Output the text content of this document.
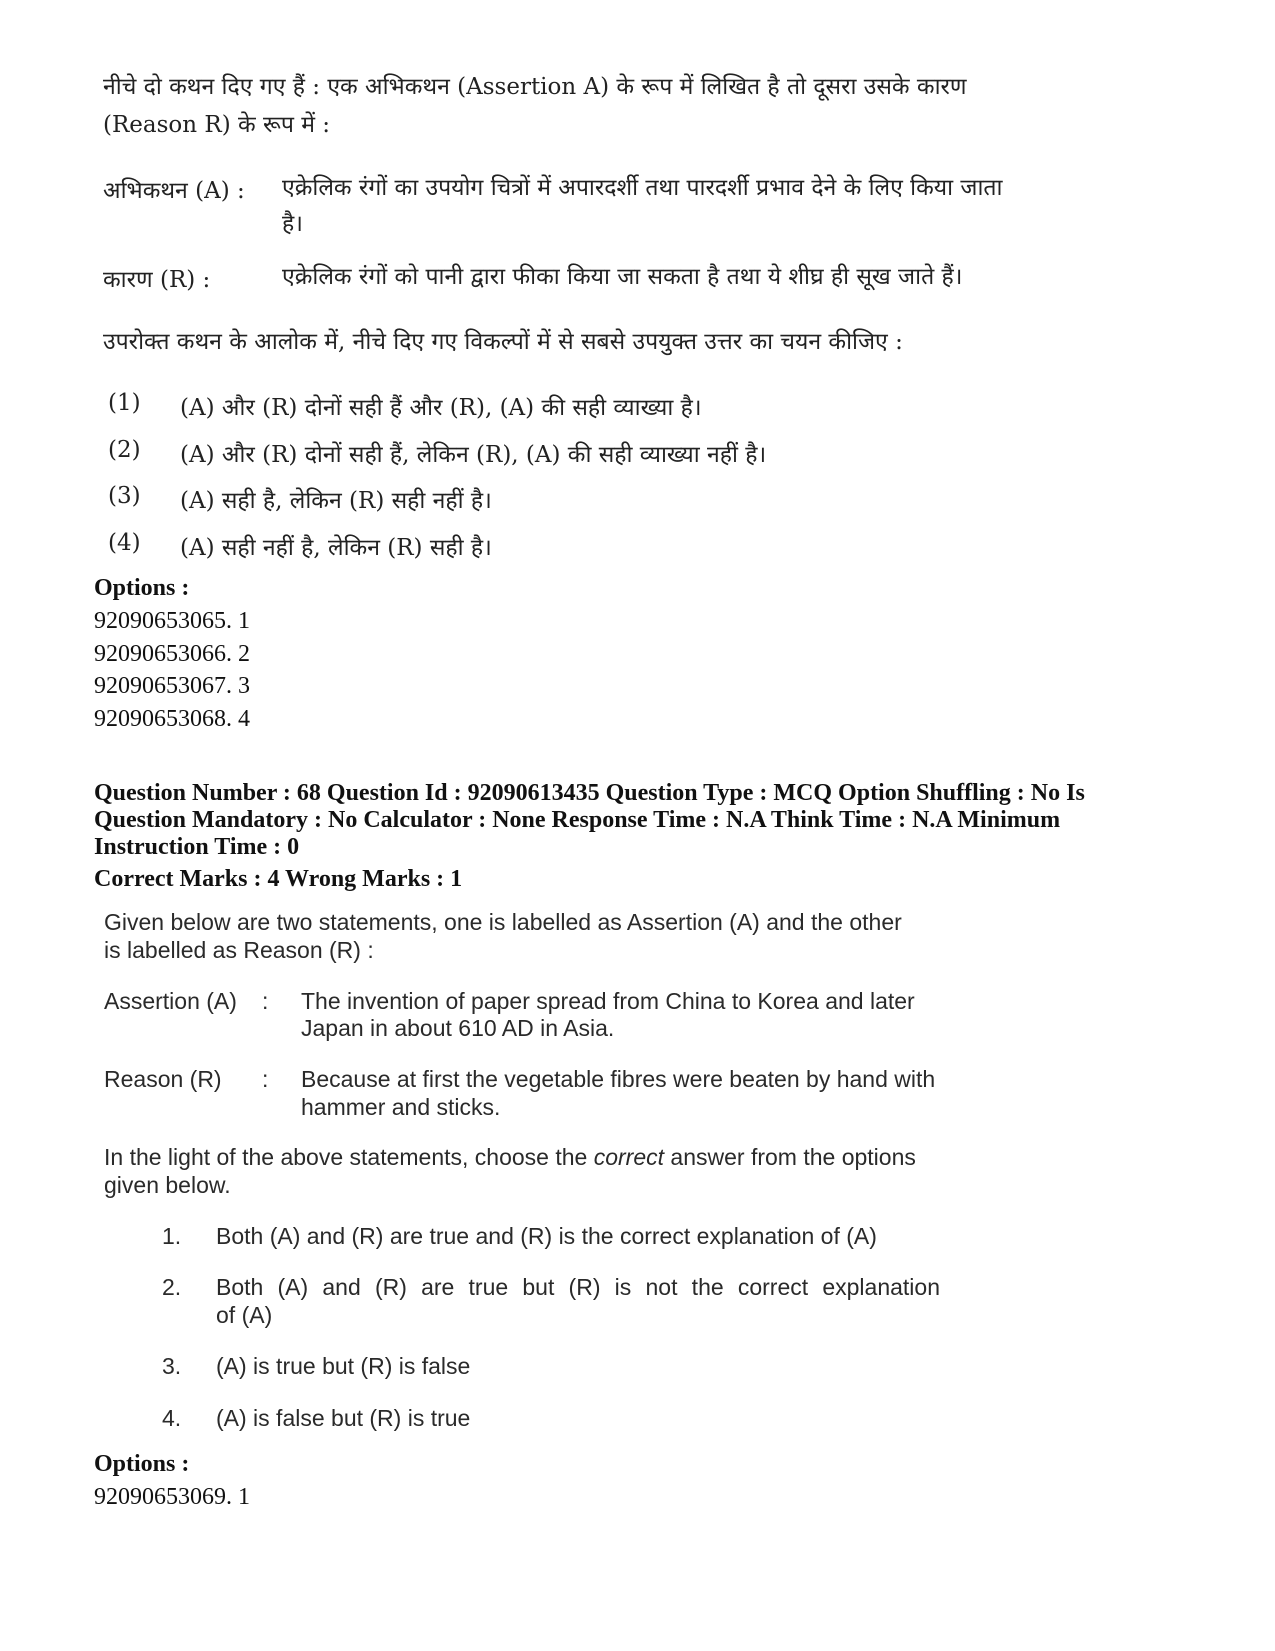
नीचे दो कथन दिए गए हैं : एक अभिकथन (Assertion A) के रूप में लिखित है तो दूसरा उसके कारण (Reason R) के रूप में :
अभिकथन (A) : एक्रेलिक रंगों का उपयोग चित्रों में अपारदर्शी तथा पारदर्शी प्रभाव देने के लिए किया जाता है।
कारण (R) :	एक्रेलिक रंगों को पानी द्वारा फीका किया जा सकता है तथा ये शीघ्र ही सूख जाते हैं।
उपरोक्त कथन के आलोक में, नीचे दिए गए विकल्पों में से सबसे उपयुक्त उत्तर का चयन कीजिए :
(1) (A) और (R) दोनों सही हैं और (R), (A) की सही व्याख्या है।
(2) (A) और (R) दोनों सही हैं, लेकिन (R), (A) की सही व्याख्या नहीं है।
(3) (A) सही है, लेकिन (R) सही नहीं है।
(4) (A) सही नहीं है, लेकिन (R) सही है।
Options :
92090653065. 1
92090653066. 2
92090653067. 3
92090653068. 4
Question Number : 68 Question Id : 92090613435 Question Type : MCQ Option Shuffling : No Is
Question Mandatory : No Calculator : None Response Time : N.A Think Time : N.A Minimum
Instruction Time : 0
Correct Marks : 4 Wrong Marks : 1
Given below are two statements, one is labelled as Assertion (A) and the other
is labelled as Reason (R) :
Assertion (A) : The invention of paper spread from China to Korea and later
Japan in about 610 AD in Asia.
Reason (R) : Because at first the vegetable fibres were beaten by hand with
hammer and sticks.
In the light of the above statements, choose the correct answer from the options
given below.
1. Both (A) and (R) are true and (R) is the correct explanation of (A)
2. Both (A) and (R) are true but (R) is not the correct explanation
of (A)
3. (A) is true but (R) is false
4. (A) is false but (R) is true
Options :
92090653069. 1
